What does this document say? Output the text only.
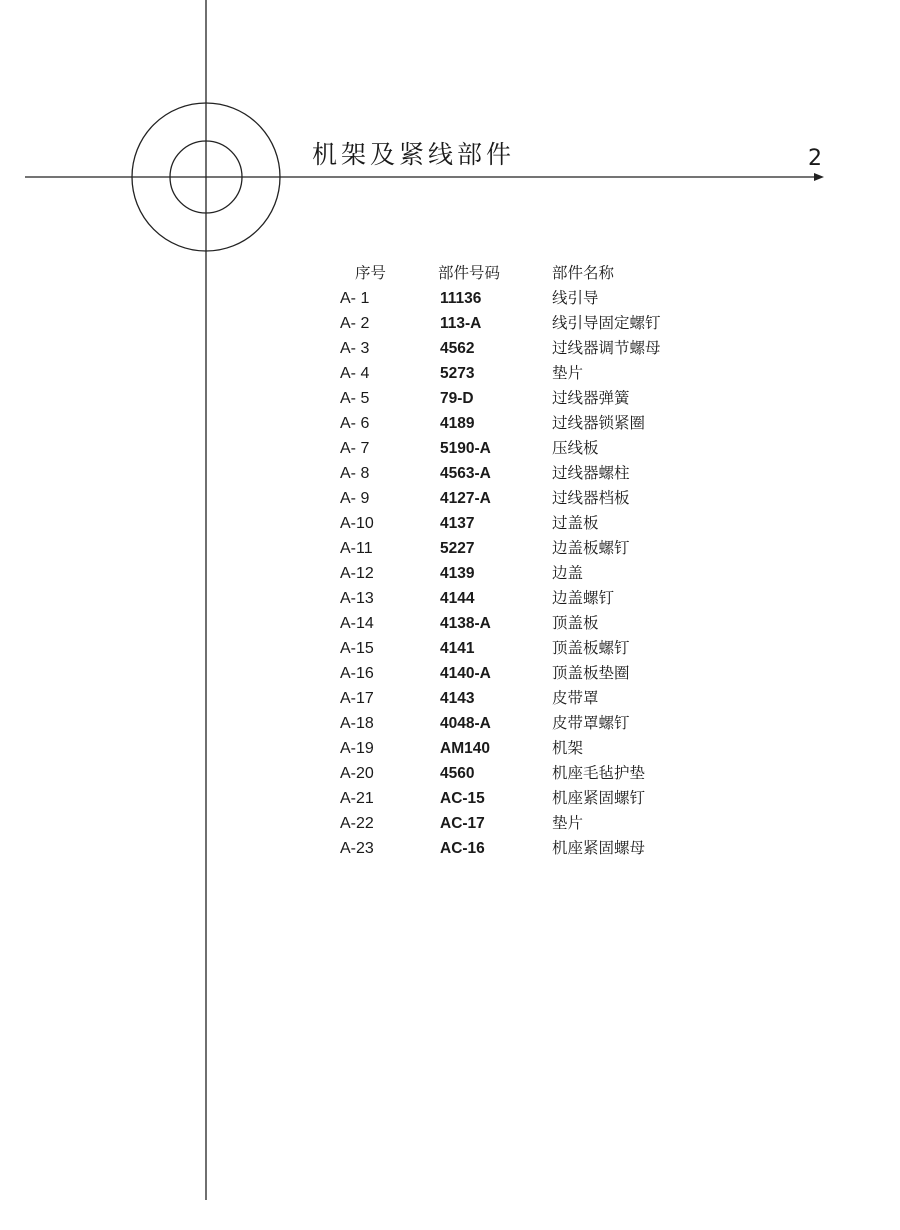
机架及紧线部件	2
序号	部件号码	部件名称
A- 1	11136	线引导
A- 2	113-A	线引导固定螺钉
A- 3	4562	过线器调节螺母
A- 4	5273	垫片
A- 5	79-D	过线器弹簧
A- 6	4189	过线器锁紧圈
A- 7	5190-A	压线板
A- 8	4563-A	过线器螺柱
A- 9	4127-A	过线器档板
A-10	4137	过盖板
A-11	5227	边盖板螺钉
A-12	4139	边盖
A-13	4144	边盖螺钉
A-14	4138-A	顶盖板
A-15	4141	顶盖板螺钉
A-16	4140-A	顶盖板垫圈
A-17	4143	皮带罩
A-18	4048-A	皮带罩螺钉
A-19	AM140	机架
A-20	4560	机座毛毡护垫
A-21	AC-15	机座紧固螺钉
A-22	AC-17	垫片
A-23	AC-16	机座紧固螺母
